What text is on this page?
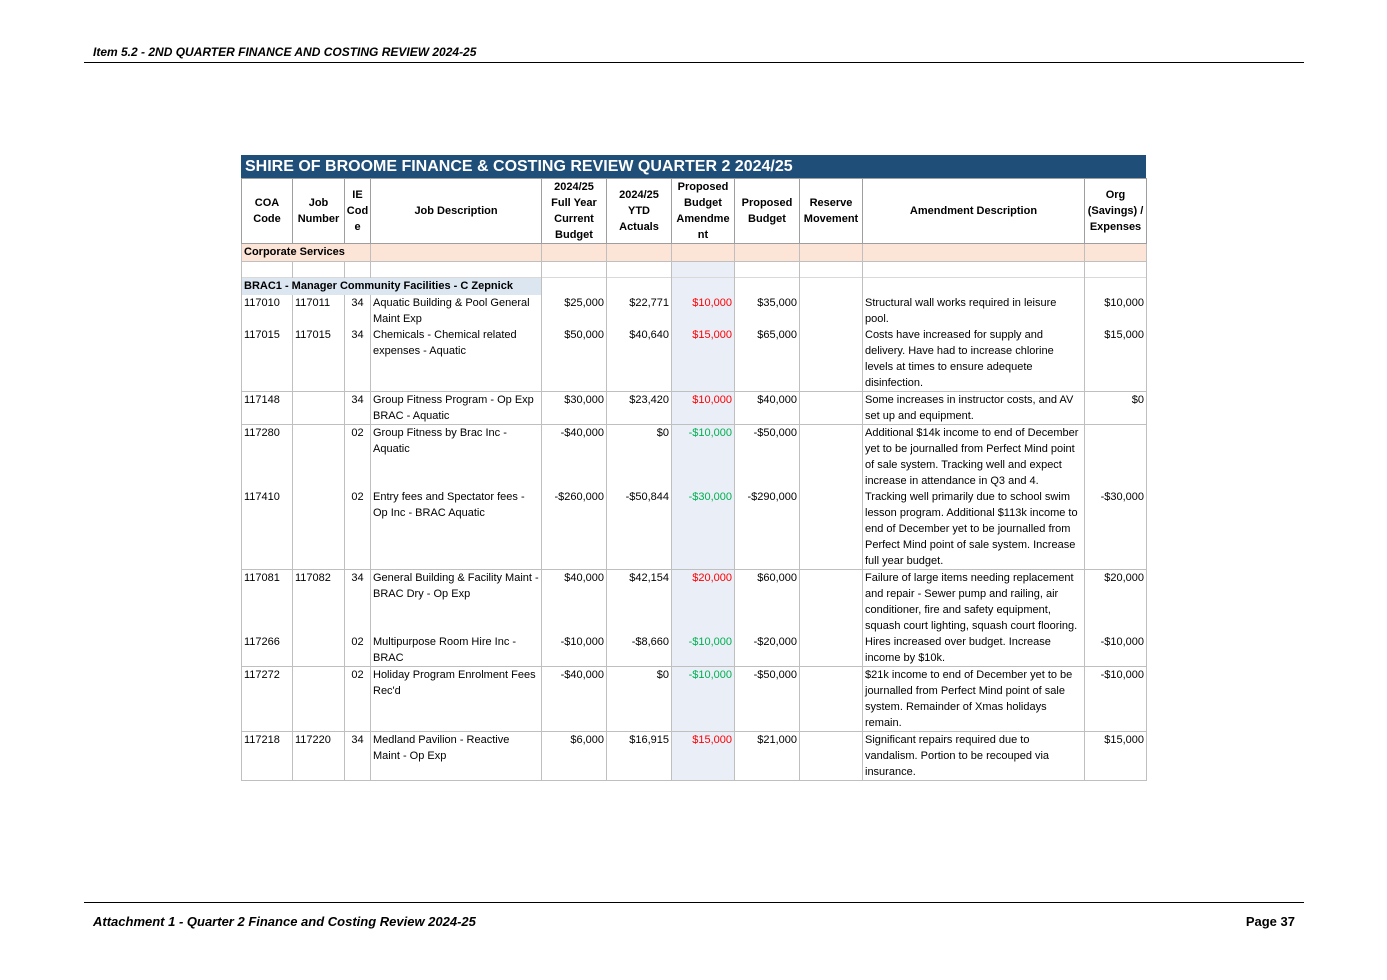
Item 5.2 - 2ND QUARTER FINANCE AND COSTING REVIEW 2024-25
SHIRE OF BROOME FINANCE & COSTING REVIEW QUARTER 2 2024/25
COA Code	Job Number	IE Cod e	Job Description	2024/25 Full Year Current Budget	2024/25 YTD Actuals	Proposed Budget Amendme nt	Proposed Budget	Reserve Movement	Amendment Description	Org (Savings) / Expenses
Corporate Services										

BRAC1 - Manager Community Facilities - C Zepnick										
117010	117011	34	Aquatic Building & Pool General Maint Exp	$25,000	$22,771	$10,000	$35,000		Structural wall works required in leisure pool.	$10,000
117015	117015	34	Chemicals - Chemical related expenses - Aquatic	$50,000	$40,640	$15,000	$65,000		Costs have increased for supply and delivery. Have had to increase chlorine levels at times to ensure adequete disinfection.	$15,000
117148		34	Group Fitness Program - Op Exp BRAC - Aquatic	$30,000	$23,420	$10,000	$40,000		Some increases in instructor costs, and AV set up and equipment.	$0
117280		02	Group Fitness by Brac Inc - Aquatic	-$40,000	$0	-$10,000	-$50,000		Additional $14k income to end of December yet to be journalled from Perfect Mind point of sale system. Tracking well and expect increase in attendance in Q3 and 4.	
117410		02	Entry fees and Spectator fees - Op Inc - BRAC Aquatic	-$260,000	-$50,844	-$30,000	-$290,000		Tracking well primarily due to school swim lesson program. Additional $113k income to end of December yet to be journalled from Perfect Mind point of sale system. Increase full year budget.	-$30,000
117081	117082	34	General Building & Facility Maint - BRAC Dry - Op Exp	$40,000	$42,154	$20,000	$60,000		Failure of large items needing replacement and repair - Sewer pump and railing, air conditioner, fire and safety equipment, squash court lighting, squash court flooring.	$20,000
117266		02	Multipurpose Room Hire Inc - BRAC	-$10,000	-$8,660	-$10,000	-$20,000		Hires increased over budget. Increase income by $10k.	-$10,000
117272		02	Holiday Program Enrolment Fees Rec'd	-$40,000	$0	-$10,000	-$50,000		$21k income to end of December yet to be journalled from Perfect Mind point of sale system. Remainder of Xmas holidays remain.	-$10,000
117218	117220	34	Medland Pavilion - Reactive Maint - Op Exp	$6,000	$16,915	$15,000	$21,000		Significant repairs required due to vandalism. Portion to be recouped via insurance.	$15,000
Attachment 1 - Quarter 2 Finance and Costing Review 2024-25	Page 37
